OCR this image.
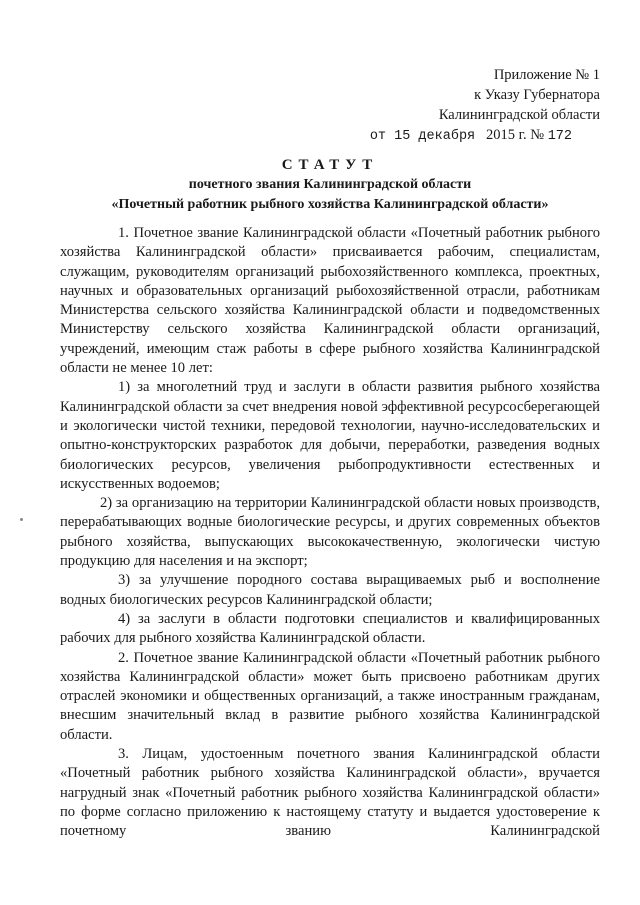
Приложение № 1
к Указу Губернатора
Калининградской области
от 15 декабря 2015 г. № 172
СТАТУТ
почетного звания Калининградской области
«Почетный работник рыбного хозяйства Калининградской области»

1. Почетное звание Калининградской области «Почетный работник рыбного хозяйства Калининградской области» присваивается рабочим, специалистам, служащим, руководителям организаций рыбохозяйственного комплекса, проектных, научных и образовательных организаций рыбохозяйственной отрасли, работникам Министерства сельского хозяйства Калининградской области и подведомственных Министерству сельского хозяйства Калининградской области организаций, учреждений, имеющим стаж работы в сфере рыбного хозяйства Калининградской области не менее 10 лет:

1) за многолетний труд и заслуги в области развития рыбного хозяйства Калининградской области за счет внедрения новой эффективной ресурсосберегающей и экологически чистой техники, передовой технологии, научно-исследовательских и опытно-конструкторских разработок для добычи, переработки, разведения водных биологических ресурсов, увеличения рыбопродуктивности естественных и искусственных водоемов;

2) за организацию на территории Калининградской области новых производств, перерабатывающих водные биологические ресурсы, и других современных объектов рыбного хозяйства, выпускающих высококачественную, экологически чистую продукцию для населения и на экспорт;

3) за улучшение породного состава выращиваемых рыб и восполнение водных биологических ресурсов Калининградской области;

4) за заслуги в области подготовки специалистов и квалифицированных рабочих для рыбного хозяйства Калининградской области.

2. Почетное звание Калининградской области «Почетный работник рыбного хозяйства Калининградской области» может быть присвоено работникам других отраслей экономики и общественных организаций, а также иностранным гражданам, внесшим значительный вклад в развитие рыбного хозяйства Калининградской области.

3. Лицам, удостоенным почетного звания Калининградской области «Почетный работник рыбного хозяйства Калининградской области», вручается нагрудный знак «Почетный работник рыбного хозяйства Калининградской области» по форме согласно приложению к настоящему статуту и выдается удостоверение к почетному званию Калининградской
